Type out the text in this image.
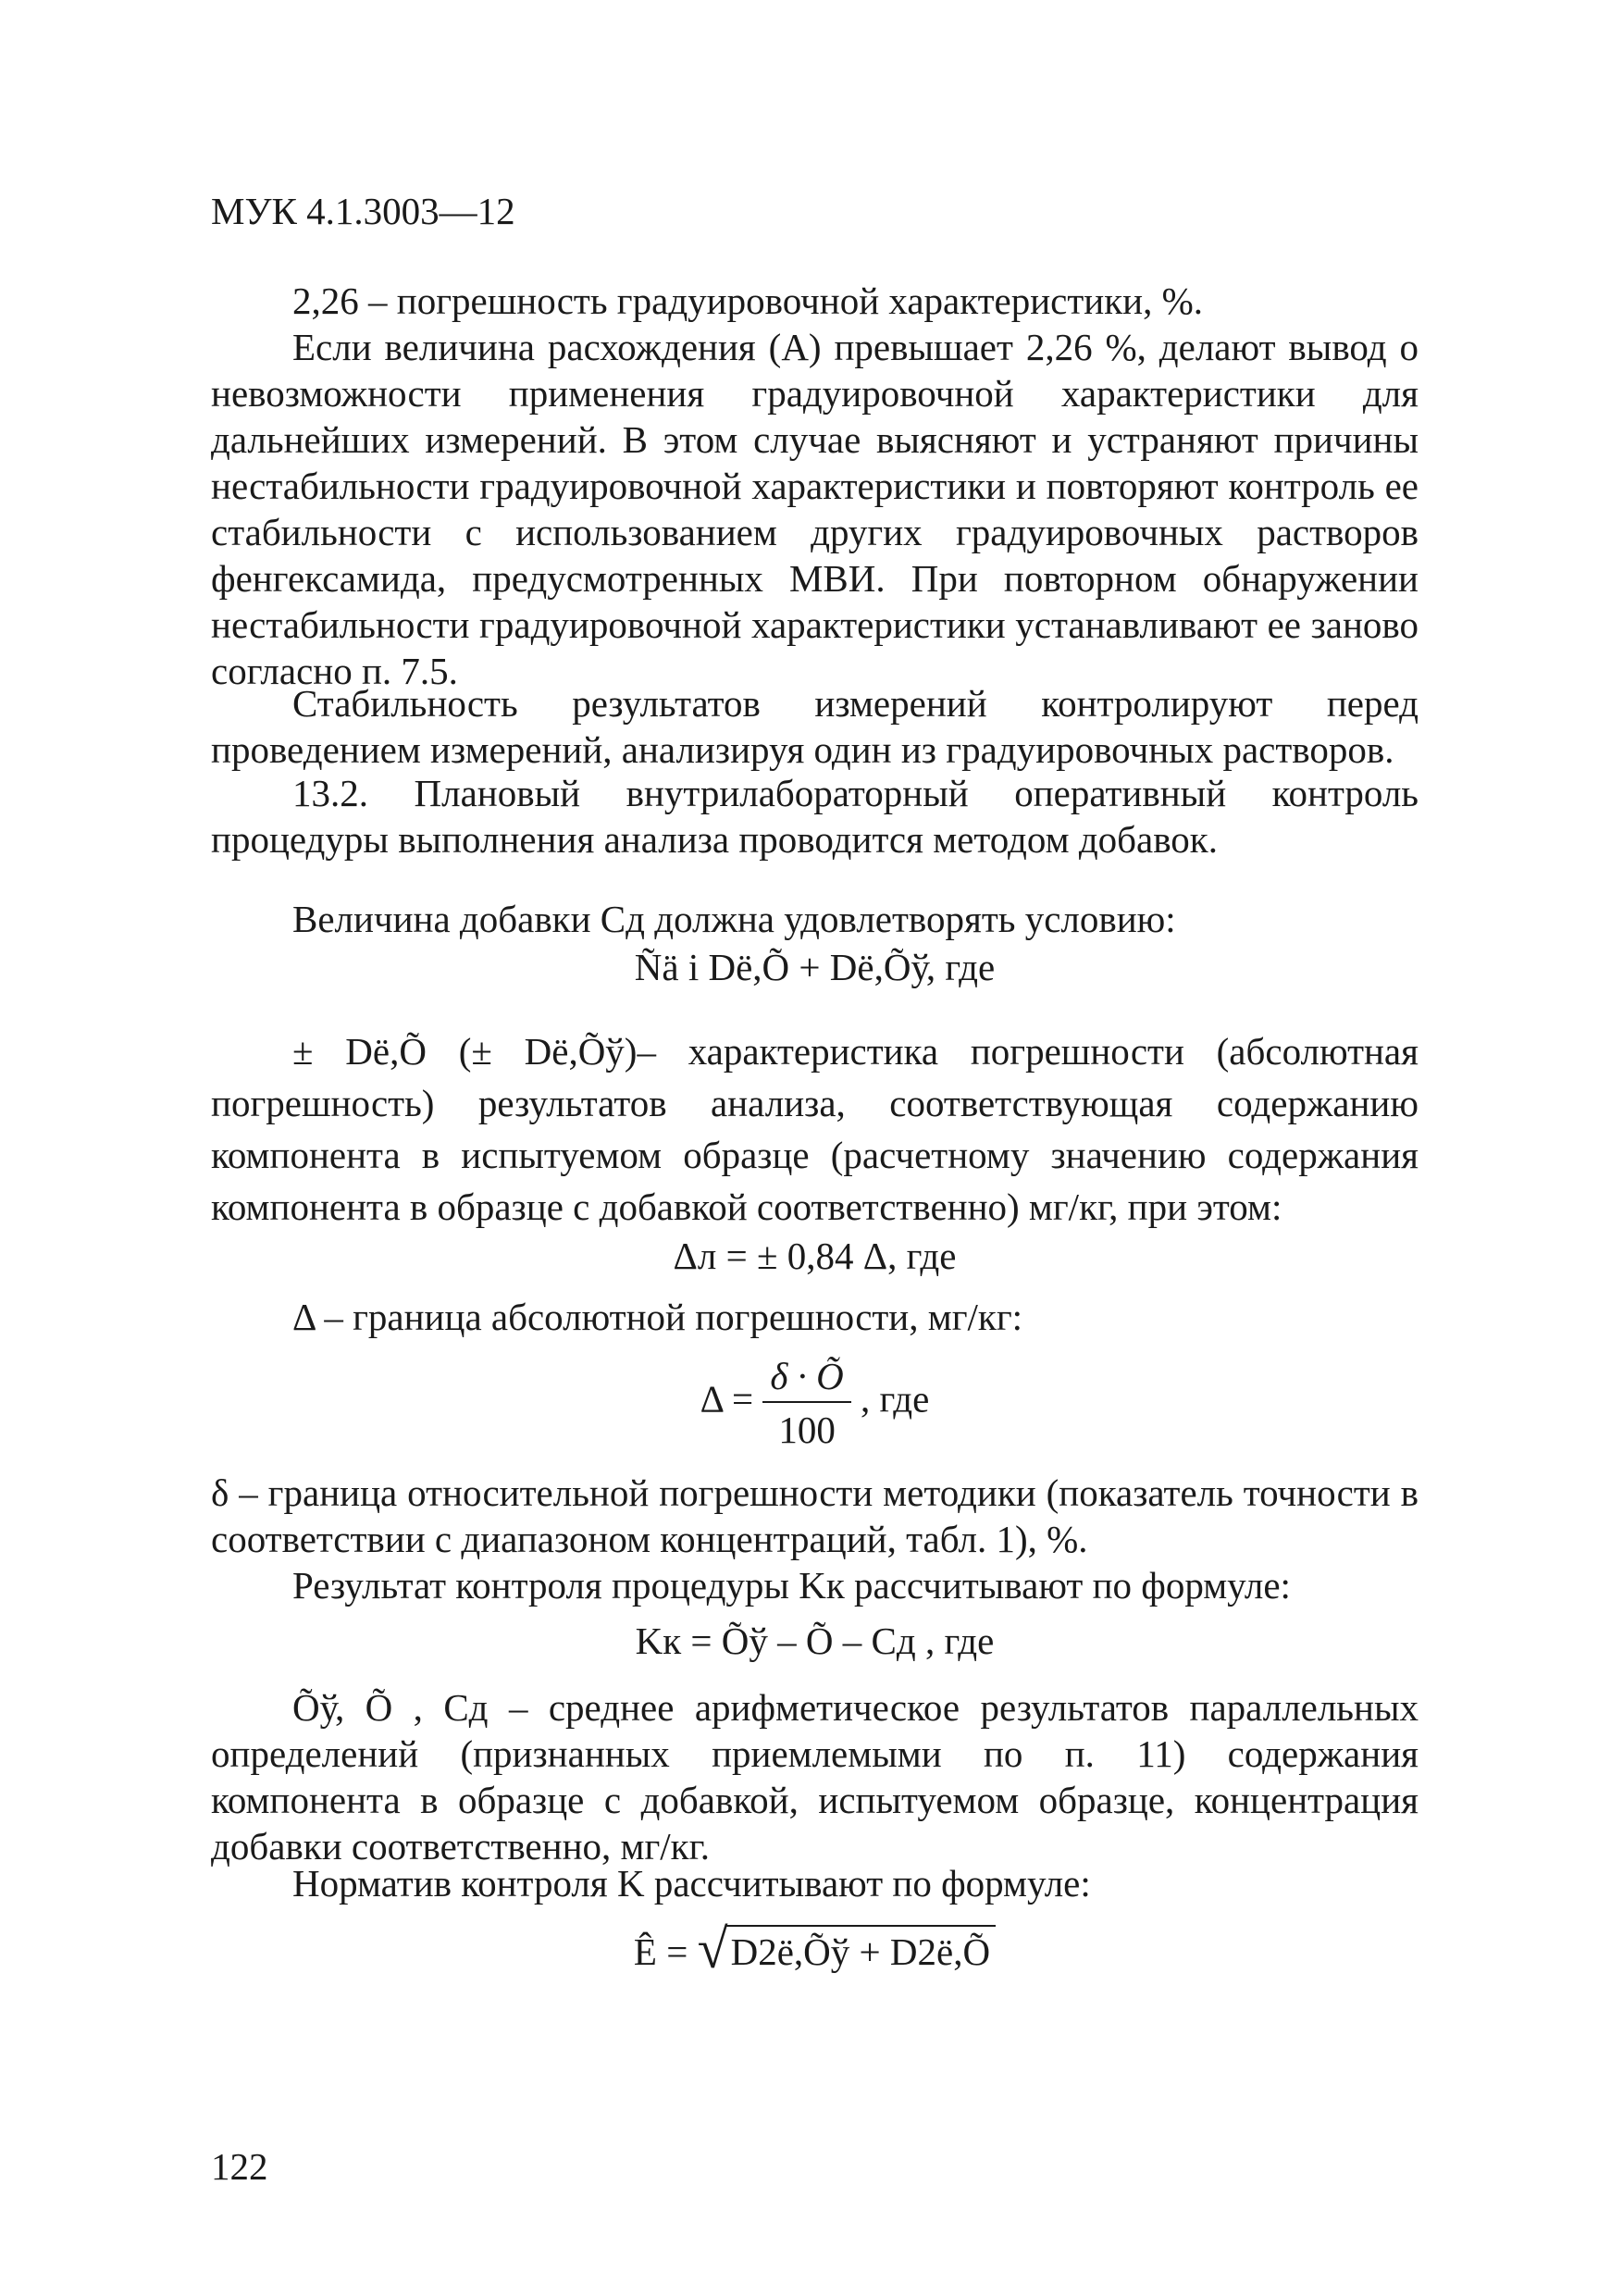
МУК 4.1.3003—12

2,26 – погрешность градуировочной характеристики, %.

Если величина расхождения (A) превышает 2,26 %, делают вывод о невозможности применения градуировочной характеристики для дальнейших измерений. В этом случае выясняют и устраняют причины нестабильности градуировочной характеристики и повторяют контроль ее стабильности с использованием других градуировочных растворов фенгексамида, предусмотренных МВИ. При повторном обнаружении нестабильности градуировочной характеристики устанавливают ее заново согласно п. 7.5.

Стабильность результатов измерений контролируют перед проведением измерений, анализируя один из градуировочных растворов.

13.2. Плановый внутрилабораторный оперативный контроль процедуры выполнения анализа проводится методом добавок.

Величина добавки Cд должна удовлетворять условию:

Ñä i Dё,Õ + Dё,Õў, где

± Dё,Õ (± Dё,Õў)– характеристика погрешности (абсолютная погрешность) результатов анализа, соответствующая содержанию компонента в испытуемом образце (расчетному значению содержания компонента в образце с добавкой соответственно) мг/кг, при этом:

Δл = ± 0,84 Δ, где

Δ – граница абсолютной погрешности, мг/кг:

$\Delta = \frac{\delta \cdot Õ}{100}$ , где

δ – граница относительной погрешности методики (показатель точности в соответствии с диапазоном концентраций, табл. 1), %.

Результат контроля процедуры Kк рассчитывают по формуле:

Kк = Õў – Õ – Cд , где

Õў, Õ , Cд – среднее арифметическое результатов параллельных определений (признанных приемлемыми по п. 11) содержания компонента в образце с добавкой, испытуемом образце, концентрация добавки соответственно, мг/кг.

Норматив контроля K рассчитывают по формуле:

Ê = √ D2ё,Õў + D2ё,Õ

122
